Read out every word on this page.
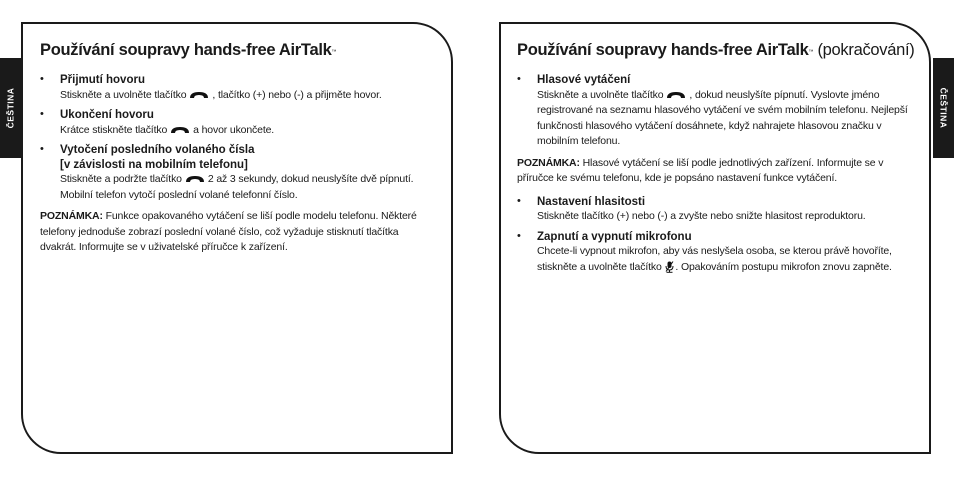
ČEŠTINA	ČEŠTINA
Používání soupravy hands-free AirTalk™
• Přijmutí hovoru
Stiskněte a uvolněte tlačítko , tlačítko (+) nebo (-) a přijměte hovor.
• Ukončení hovoru
Krátce stiskněte tlačítko a hovor ukončete.
• Vytočení posledního volaného čísla
[v závislosti na mobilním telefonu]
Stiskněte a podržte tlačítko 2 až 3 sekundy, dokud neuslyšíte dvě pípnutí. Mobilní telefon vytočí poslední volané telefonní číslo.
POZNÁMKA: Funkce opakovaného vytáčení se liší podle modelu telefonu. Některé telefony jednoduše zobrazí poslední volané číslo, což vyžaduje stisknutí tlačítka dvakrát. Informujte se v uživatelské příručce k zařízení.
Používání soupravy hands-free AirTalk™ (pokračování)
• Hlasové vytáčení
Stiskněte a uvolněte tlačítko , dokud neuslyšíte pípnutí. Vyslovte jméno registrované na seznamu hlasového vytáčení ve svém mobilním telefonu. Nejlepší funkčnosti hlasového vytáčení dosáhnete, když nahrajete hlasovou značku v mobilním telefonu.
POZNÁMKA: Hlasové vytáčení se liší podle jednotlivých zařízení. Informujte se v příručce ke svému telefonu, kde je popsáno nastavení funkce vytáčení.
• Nastavení hlasitosti
Stiskněte tlačítko (+) nebo (-) a zvyšte nebo snižte hlasitost reproduktoru.
• Zapnutí a vypnutí mikrofonu
Chcete-li vypnout mikrofon, aby vás neslyšela osoba, se kterou právě hovoříte, stiskněte a uvolněte tlačítko . Opakováním postupu mikrofon znovu zapněte.
